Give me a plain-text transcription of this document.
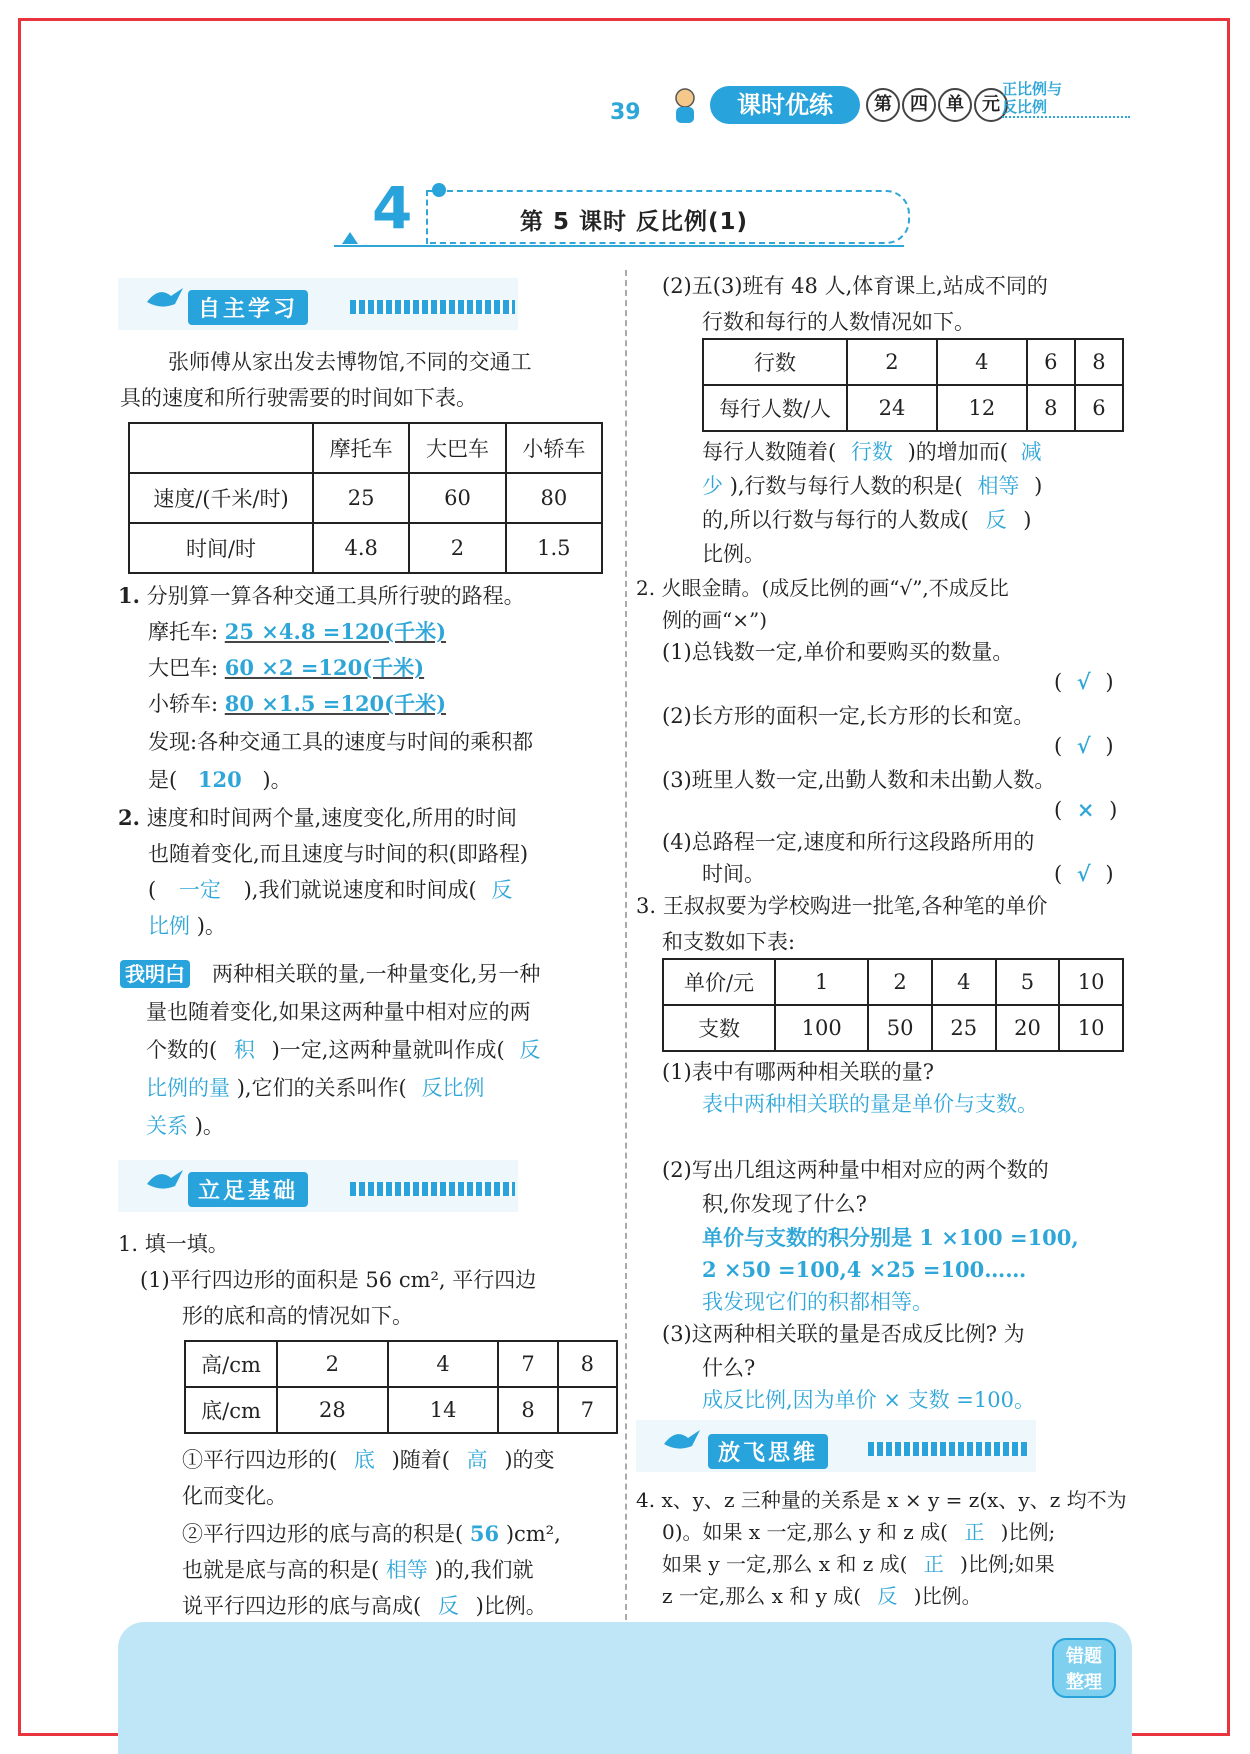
39	课时优练	第	四	单	元
正比例与
反比例
4	第 5 课时 反比例(1)
自主学习
张师傅从家出发去博物馆,不同的交通工
具的速度和所行驶需要的时间如下表。
	摩托车	大巴车	小轿车
速度/(千米/时)	25	60	80
时间/时	4.8	2	1.5
1. 分别算一算各种交通工具所行驶的路程。
摩托车: 25 ×4.8 =120(千米)
大巴车: 60 ×2 =120(千米)
小轿车: 80 ×1.5 =120(千米)
发现:各种交通工具的速度与时间的乘积都
是( 120 )。
2. 速度和时间两个量,速度变化,所用的时间
也随着变化,而且速度与时间的积(即路程)
( 一定 ),我们就说速度和时间成( 反
比例 )。
我明白 两种相关联的量,一种量变化,另一种
量也随着变化,如果这两种量中相对应的两
个数的( 积 )一定,这两种量就叫作成( 反
比例的量 ),它们的关系叫作( 反比例
关系 )。
立足基础
1. 填一填。
(1)平行四边形的面积是 56 cm², 平行四边
形的底和高的情况如下。
高/cm	2	4	7	8
底/cm	28	14	8	7
①平行四边形的( 底 )随着( 高 )的变
化而变化。
②平行四边形的底与高的积是( 56 )cm²,
也就是底与高的积是( 相等 )的,我们就
说平行四边形的底与高成( 反 )比例。
(2)五(3)班有 48 人,体育课上,站成不同的
行数和每行的人数情况如下。
行数	2	4	6	8
每行人数/人	24	12	8	6
每行人数随着( 行数 )的增加而( 减
少 ),行数与每行人数的积是( 相等 )
的,所以行数与每行的人数成( 反 )
比例。
2. 火眼金睛。(成反比例的画“√”,不成反比
例的画“×”)
(1)总钱数一定,单价和要购买的数量。
( √ )
(2)长方形的面积一定,长方形的长和宽。
( √ )
(3)班里人数一定,出勤人数和未出勤人数。
( × )
(4)总路程一定,速度和所行这段路所用的
时间。	( √ )
3. 王叔叔要为学校购进一批笔,各种笔的单价
和支数如下表:
单价/元	1	2	4	5	10
支数	100	50	25	20	10
(1)表中有哪两种相关联的量?
表中两种相关联的量是单价与支数。
(2)写出几组这两种量中相对应的两个数的
积,你发现了什么?
单价与支数的积分别是 1 ×100 =100,
2 ×50 =100,4 ×25 =100……
我发现它们的积都相等。
(3)这两种相关联的量是否成反比例? 为
什么?
成反比例,因为单价 × 支数 =100。
放飞思维
4. x、y、z 三种量的关系是 x × y = z(x、y、z 均不为
0)。如果 x 一定,那么 y 和 z 成( 正 )比例;
如果 y 一定,那么 x 和 z 成( 正 )比例;如果
z 一定,那么 x 和 y 成( 反 )比例。
错题
整理
